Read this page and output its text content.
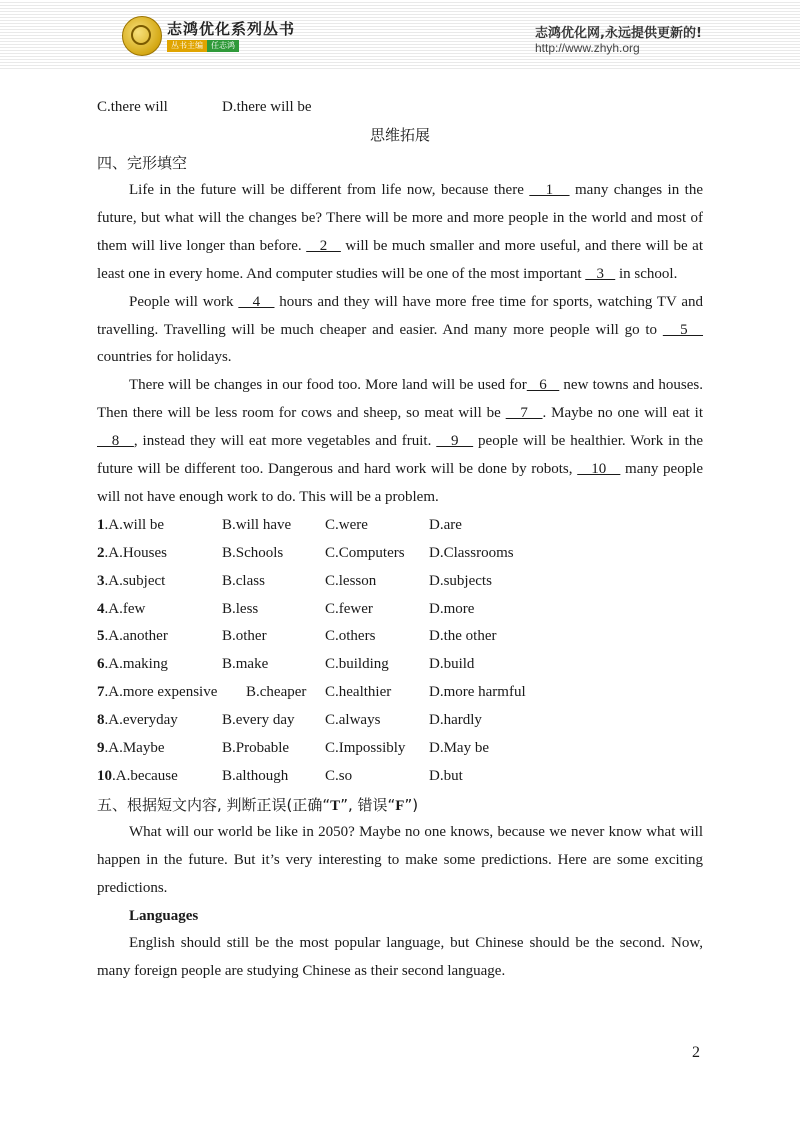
志鸿优化系列丛书
丛书主编	任志鸿
志鸿优化网,永远提供更新的!
http://www.zhyh.org
C.there will	D.there will be
思维拓展
四、完形填空

Life in the future will be different from life now, because there    1    many changes in the future, but what will the changes be? There will be more and more people in the world and most of them will live longer than before.    2    will be much smaller and more useful, and there will be at least one in every home. And computer studies will be one of the most important    3    in school.

People will work    4    hours and they will have more free time for sports, watching TV and travelling. Travelling will be much cheaper and easier. And many more people will go to    5    countries for holidays.

There will be changes in our food too. More land will be used for   6    new towns and houses. Then there will be less room for cows and sheep, so meat will be    7   . Maybe no one will eat it    8   , instead they will eat more vegetables and fruit.    9    people will be healthier. Work in the future will be different too. Dangerous and hard work will be done by robots,    10    many people will not have enough work to do. This will be a problem.

1.A.will be	B.will have	C.were	D.are
2.A.Houses	B.Schools	C.Computers	D.Classrooms
3.A.subject	B.class	C.lesson	D.subjects
4.A.few	B.less	C.fewer	D.more
5.A.another	B.other	C.others	D.the other
6.A.making	B.make	C.building	D.build
7.A.more expensive	B.cheaper	C.healthier	D.more harmful
8.A.everyday	B.every day	C.always	D.hardly
9.A.Maybe	B.Probable	C.Impossibly	D.May be
10.A.because	B.although	C.so	D.but
五、根据短文内容, 判断正误(正确“T”, 错误“F”)

What will our world be like in 2050? Maybe no one knows, because we never know what will happen in the future. But it’s very interesting to make some predictions. Here are some exciting predictions.

Languages

English should still be the most popular language, but Chinese should be the second. Now, many foreign people are studying Chinese as their second language.

2
